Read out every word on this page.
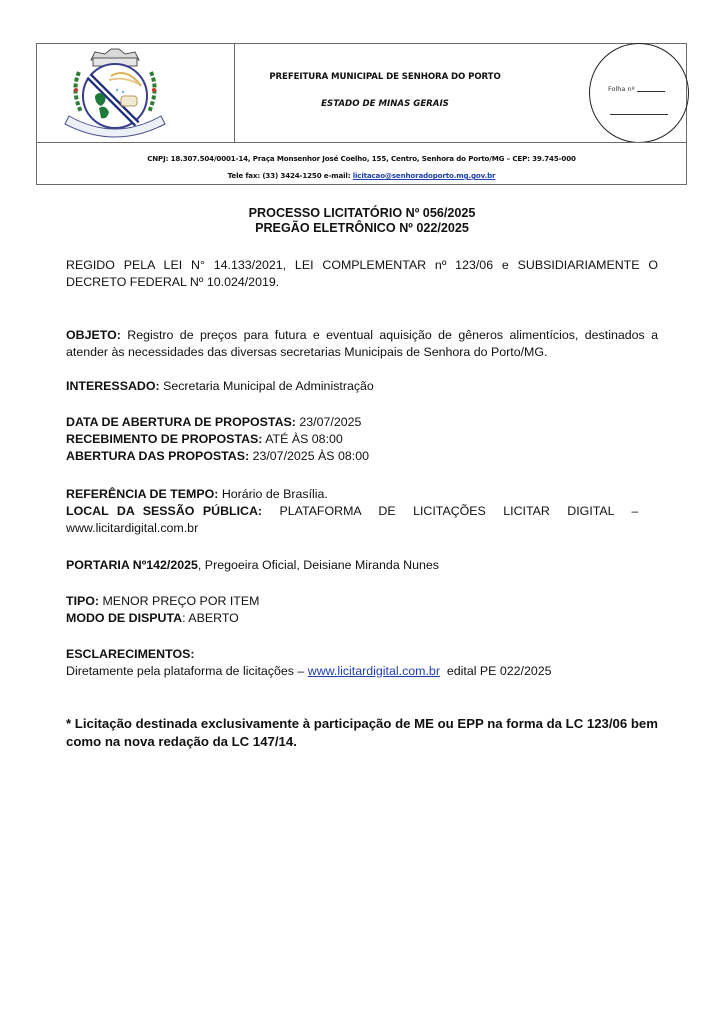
PREFEITURA MUNICIPAL DE SENHORA DO PORTO
ESTADO DE MINAS GERAIS
Folha nº
CNPJ: 18.307.504/0001-14, Praça Monsenhor José Coelho, 155, Centro, Senhora do Porto/MG – CEP: 39.745-000
Tele fax: (33) 3424-1250 e-mail: licitacao@senhoradoporto.mg.gov.br
PROCESSO LICITATÓRIO Nº 056/2025
PREGÃO ELETRÔNICO Nº 022/2025
REGIDO PELA LEI N° 14.133/2021, LEI COMPLEMENTAR nº 123/06 e SUBSIDIARIAMENTE O DECRETO FEDERAL Nº 10.024/2019.
OBJETO: Registro de preços para futura e eventual aquisição de gêneros alimentícios, destinados a atender às necessidades das diversas secretarias Municipais de Senhora do Porto/MG.
INTERESSADO: Secretaria Municipal de Administração
DATA DE ABERTURA DE PROPOSTAS: 23/07/2025
RECEBIMENTO DE PROPOSTAS: ATÉ ÀS 08:00
ABERTURA DAS PROPOSTAS: 23/07/2025 ÀS 08:00
REFERÊNCIA DE TEMPO: Horário de Brasília.
LOCAL DA SESSÃO PÚBLICA: PLATAFORMA DE LICITAÇÕES LICITAR DIGITAL –
www.licitardigital.com.br
PORTARIA Nº142/2025, Pregoeira Oficial, Deisiane Miranda Nunes
TIPO: MENOR PREÇO POR ITEM
MODO DE DISPUTA: ABERTO
ESCLARECIMENTOS:
Diretamente pela plataforma de licitações – www.licitardigital.com.br  edital PE 022/2025
* Licitação destinada exclusivamente à participação de ME ou EPP na forma da LC 123/06 bem como na nova redação da LC 147/14.
